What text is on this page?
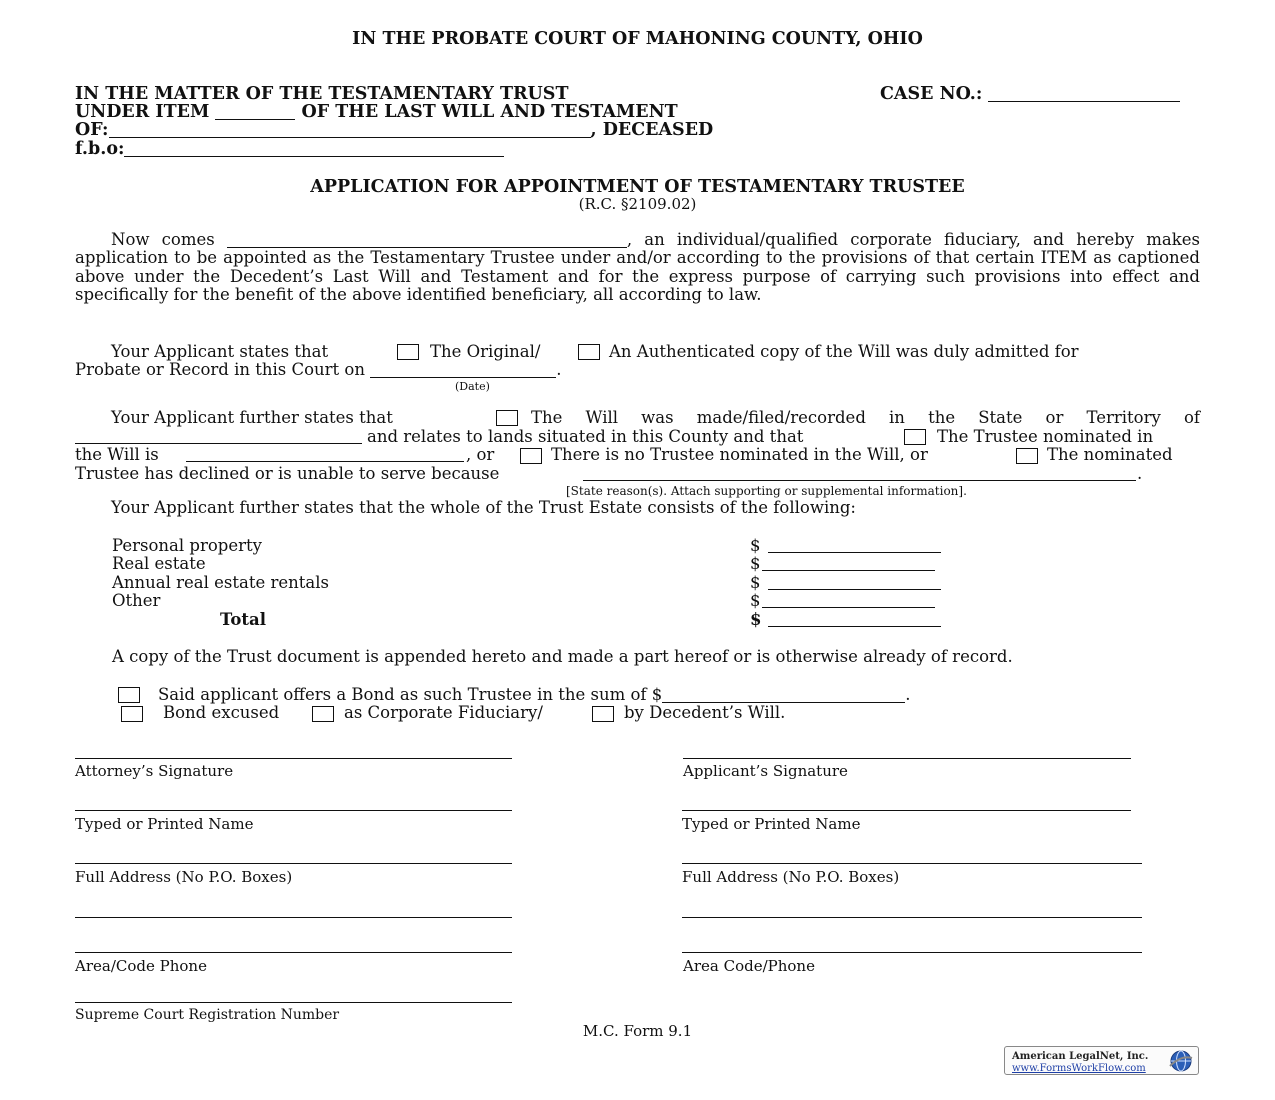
IN THE PROBATE COURT OF MAHONING COUNTY, OHIO
IN THE MATTER OF THE TESTAMENTARY TRUST
UNDER ITEM	OF THE LAST WILL AND TESTAMENT
OF:	, DECEASED
f.b.o:
CASE NO.:
APPLICATION FOR APPOINTMENT OF TESTAMENTARY TRUSTEE
(R.C. §2109.02)
Now comes	, an individual/qualified corporate fiduciary, and hereby makes application to be appointed as the Testamentary Trustee under and/or according to the provisions of that certain ITEM as captioned above under the Decedent’s Last Will and Testament and for the express purpose of carrying such provisions into effect and specifically for the benefit of the above identified beneficiary, all according to law.
Your Applicant states that	The Original/	An Authenticated copy of the Will was duly admitted for
Probate or Record in this Court on	.
(Date)
Your Applicant further states that	The Will was made/filed/recorded in the State or Territory of
and relates to lands situated in this County and that	The Trustee nominated in
the Will is	, or	There is no Trustee nominated in the Will, or	The nominated
Trustee has declined or is unable to serve because	.
[State reason(s). Attach supporting or supplemental information].
Your Applicant further states that the whole of the Trust Estate consists of the following:
Personal property	$
Real estate	$
Annual real estate rentals	$
Other	$
Total	$
A copy of the Trust document is appended hereto and made a part hereof or is otherwise already of record.
Said applicant offers a Bond as such Trustee in the sum of $	.
Bond excused	as Corporate Fiduciary/	by Decedent’s Will.
Attorney’s Signature
Typed or Printed Name
Full Address (No P.O. Boxes)
Area/Code Phone
Supreme Court Registration Number
Applicant’s Signature
Typed or Printed Name
Full Address (No P.O. Boxes)
Area Code/Phone
M.C. Form 9.1
American LegalNet, Inc.
www.FormsWorkFlow.com
